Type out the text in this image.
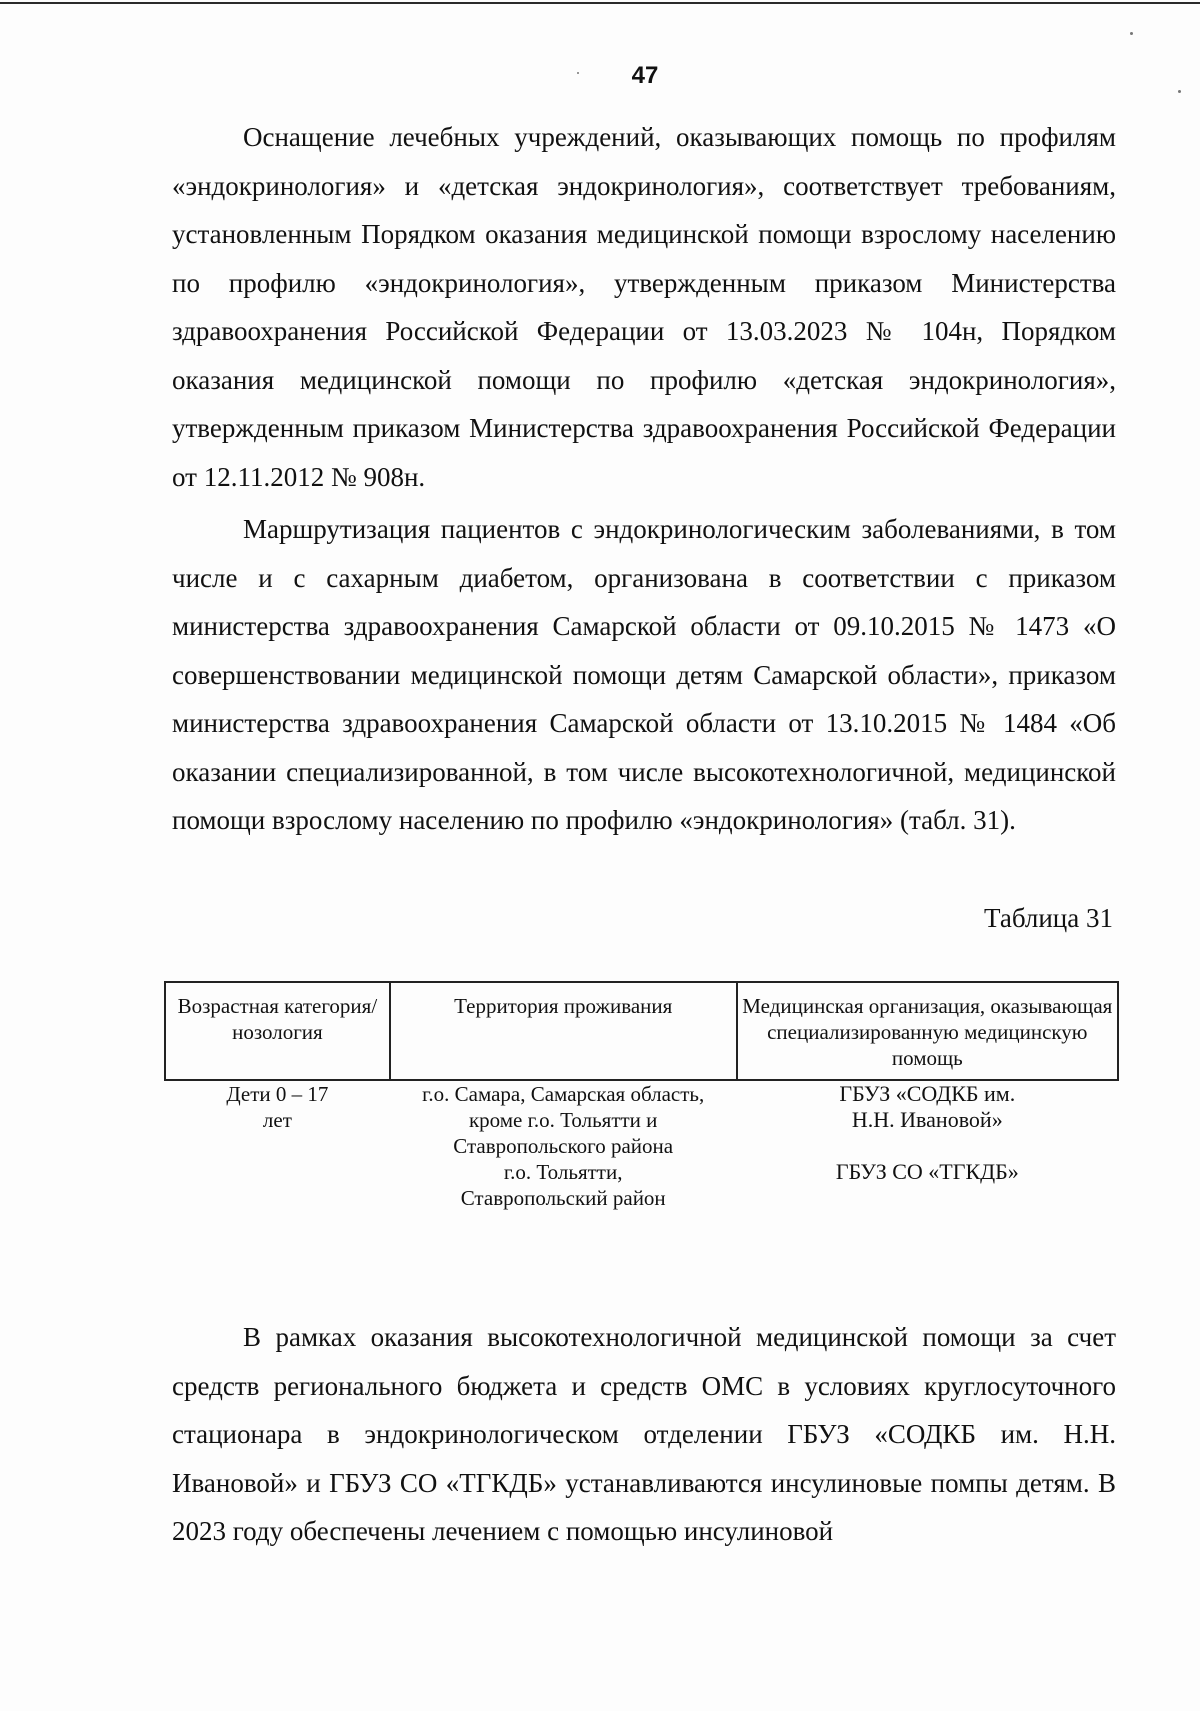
47

Оснащение лечебных учреждений, оказывающих помощь по профилям «эндокринология» и «детская эндокринология», соответствует требованиям, установленным Порядком оказания медицинской помощи взрослому населению по профилю «эндокринология», утвержденным приказом Министерства здравоохранения Российской Федерации от 13.03.2023 № 104н, Порядком оказания медицинской помощи по профилю «детская эндокринология», утвержденным приказом Министерства здравоохранения Российской Федерации от 12.11.2012 № 908н.

Маршрутизация пациентов с эндокринологическим заболеваниями, в том числе и с сахарным диабетом, организована в соответствии с приказом министерства здравоохранения Самарской области от 09.10.2015 № 1473 «О совершенствовании медицинской помощи детям Самарской области», приказом министерства здравоохранения Самарской области от 13.10.2015 № 1484 «Об оказании специализированной, в том числе высокотехнологичной, медицинской помощи взрослому населению по профилю «эндокринология» (табл. 31).

Таблица 31
Возрастная категория/нозология	Территория проживания	Медицинская организация, оказывающая специализированную медицинскую помощь
Дети 0 – 17 лет	г.о. Самара, Самарская область, кроме г.о. Тольятти и Ставропольского района	ГБУЗ «СОДКБ им. Н.Н. Ивановой»
	г.о. Тольятти, Ставропольский район	ГБУЗ СО «ТГКДБ»

В рамках оказания высокотехнологичной медицинской помощи за счет средств регионального бюджета и средств ОМС в условиях круглосуточного стационара в эндокринологическом отделении ГБУЗ «СОДКБ им. Н.Н. Ивановой» и ГБУЗ СО «ТГКДБ» устанавливаются инсулиновые помпы детям. В 2023 году обеспечены лечением с помощью инсулиновой
